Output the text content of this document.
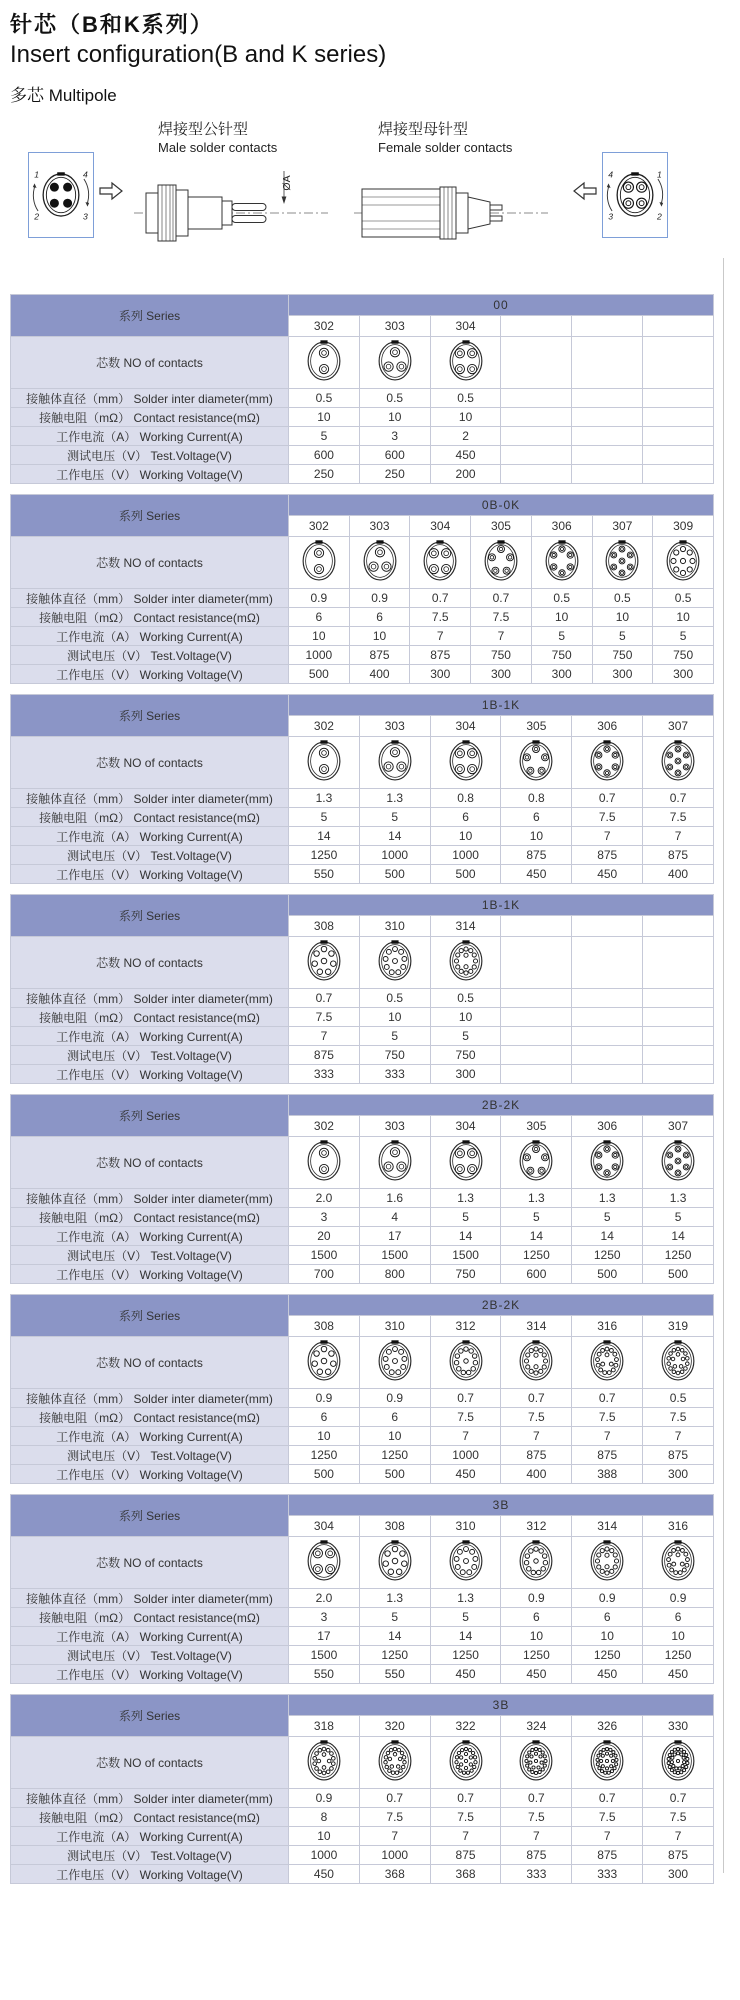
针芯（B和K系列）
Insert configuration(B and K series)
多芯 Multipole
焊接型公针型
Male solder contacts
ØA
焊接型母针型
Female solder contacts
系列 Series	00					
	302	303	304			
芯数 NO of contacts						
接触体直径（mm） Solder inter diameter(mm)	0.5	0.5	0.5			
接触电阻（mΩ） Contact resistance(mΩ)	10	10	10			
工作电流（A） Working Current(A)	5	3	2			
测试电压（V） Test.Voltage(V)	600	600	450			
工作电压（V） Working Voltage(V)	250	250	200			
系列 Series	0B-0K						
	302	303	304	305	306	307	309
芯数 NO of contacts							
接触体直径（mm） Solder inter diameter(mm)	0.9	0.9	0.7	0.7	0.5	0.5	0.5
接触电阻（mΩ） Contact resistance(mΩ)	6	6	7.5	7.5	10	10	10
工作电流（A） Working Current(A)	10	10	7	7	5	5	5
测试电压（V） Test.Voltage(V)	1000	875	875	750	750	750	750
工作电压（V） Working Voltage(V)	500	400	300	300	300	300	300
系列 Series	1B-1K					
	302	303	304	305	306	307
芯数 NO of contacts						
接触体直径（mm） Solder inter diameter(mm)	1.3	1.3	0.8	0.8	0.7	0.7
接触电阻（mΩ） Contact resistance(mΩ)	5	5	6	6	7.5	7.5
工作电流（A） Working Current(A)	14	14	10	10	7	7
测试电压（V） Test.Voltage(V)	1250	1000	1000	875	875	875
工作电压（V） Working Voltage(V)	550	500	500	450	450	400
系列 Series	1B-1K					
	308	310	314			
芯数 NO of contacts						
接触体直径（mm） Solder inter diameter(mm)	0.7	0.5	0.5			
接触电阻（mΩ） Contact resistance(mΩ)	7.5	10	10			
工作电流（A） Working Current(A)	7	5	5			
测试电压（V） Test.Voltage(V)	875	750	750			
工作电压（V） Working Voltage(V)	333	333	300			
系列 Series	2B-2K					
	302	303	304	305	306	307
芯数 NO of contacts						
接触体直径（mm） Solder inter diameter(mm)	2.0	1.6	1.3	1.3	1.3	1.3
接触电阻（mΩ） Contact resistance(mΩ)	3	4	5	5	5	5
工作电流（A） Working Current(A)	20	17	14	14	14	14
测试电压（V） Test.Voltage(V)	1500	1500	1500	1250	1250	1250
工作电压（V） Working Voltage(V)	700	800	750	600	500	500
系列 Series	2B-2K					
	308	310	312	314	316	319
芯数 NO of contacts						
接触体直径（mm） Solder inter diameter(mm)	0.9	0.9	0.7	0.7	0.7	0.5
接触电阻（mΩ） Contact resistance(mΩ)	6	6	7.5	7.5	7.5	7.5
工作电流（A） Working Current(A)	10	10	7	7	7	7
测试电压（V） Test.Voltage(V)	1250	1250	1000	875	875	875
工作电压（V） Working Voltage(V)	500	500	450	400	388	300
系列 Series	3B					
	304	308	310	312	314	316
芯数 NO of contacts						
接触体直径（mm） Solder inter diameter(mm)	2.0	1.3	1.3	0.9	0.9	0.9
接触电阻（mΩ） Contact resistance(mΩ)	3	5	5	6	6	6
工作电流（A） Working Current(A)	17	14	14	10	10	10
测试电压（V） Test.Voltage(V)	1500	1250	1250	1250	1250	1250
工作电压（V） Working Voltage(V)	550	550	450	450	450	450
系列 Series	3B					
	318	320	322	324	326	330
芯数 NO of contacts						
接触体直径（mm） Solder inter diameter(mm)	0.9	0.7	0.7	0.7	0.7	0.7
接触电阻（mΩ） Contact resistance(mΩ)	8	7.5	7.5	7.5	7.5	7.5
工作电流（A） Working Current(A)	10	7	7	7	7	7
测试电压（V） Test.Voltage(V)	1000	1000	875	875	875	875
工作电压（V） Working Voltage(V)	450	368	368	333	333	300
